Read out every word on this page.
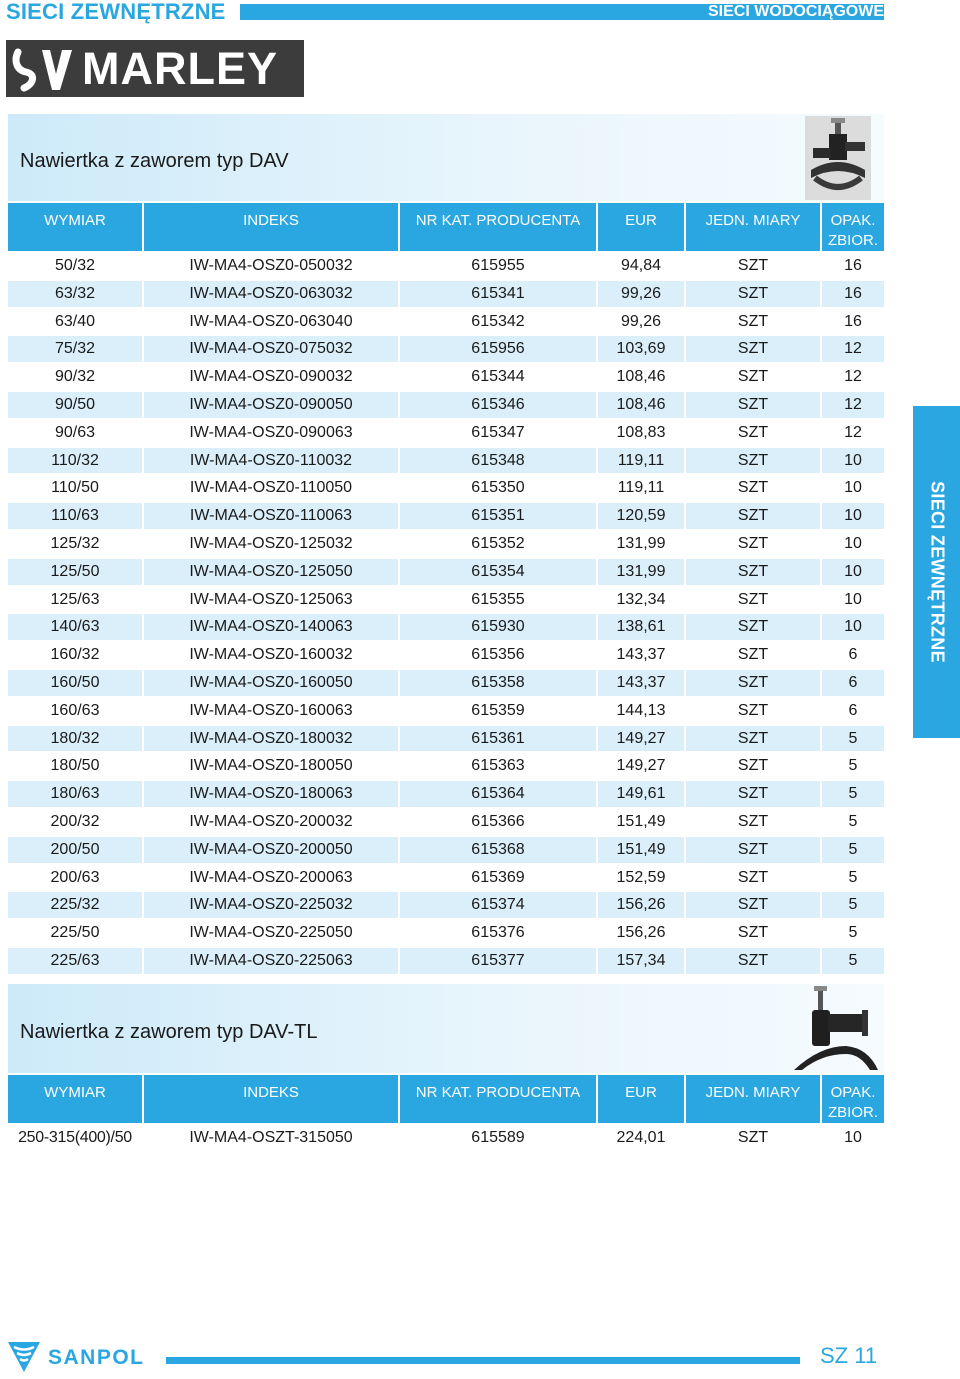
SIECI ZEWNĘTRZNE	SIECI WODOCIĄGOWE
MARLEY
Nawiertka z zaworem typ DAV
WYMIAR	INDEKS	NR KAT. PRODUCENTA	EUR	JEDN. MIARY	OPAK. ZBIOR.
50/32	IW-MA4-OSZ0-050032	615955	94,84	SZT	16
63/32	IW-MA4-OSZ0-063032	615341	99,26	SZT	16
63/40	IW-MA4-OSZ0-063040	615342	99,26	SZT	16
75/32	IW-MA4-OSZ0-075032	615956	103,69	SZT	12
90/32	IW-MA4-OSZ0-090032	615344	108,46	SZT	12
90/50	IW-MA4-OSZ0-090050	615346	108,46	SZT	12
90/63	IW-MA4-OSZ0-090063	615347	108,83	SZT	12
110/32	IW-MA4-OSZ0-110032	615348	119,11	SZT	10
110/50	IW-MA4-OSZ0-110050	615350	119,11	SZT	10
110/63	IW-MA4-OSZ0-110063	615351	120,59	SZT	10
125/32	IW-MA4-OSZ0-125032	615352	131,99	SZT	10
125/50	IW-MA4-OSZ0-125050	615354	131,99	SZT	10
125/63	IW-MA4-OSZ0-125063	615355	132,34	SZT	10
140/63	IW-MA4-OSZ0-140063	615930	138,61	SZT	10
160/32	IW-MA4-OSZ0-160032	615356	143,37	SZT	6
160/50	IW-MA4-OSZ0-160050	615358	143,37	SZT	6
160/63	IW-MA4-OSZ0-160063	615359	144,13	SZT	6
180/32	IW-MA4-OSZ0-180032	615361	149,27	SZT	5
180/50	IW-MA4-OSZ0-180050	615363	149,27	SZT	5
180/63	IW-MA4-OSZ0-180063	615364	149,61	SZT	5
200/32	IW-MA4-OSZ0-200032	615366	151,49	SZT	5
200/50	IW-MA4-OSZ0-200050	615368	151,49	SZT	5
200/63	IW-MA4-OSZ0-200063	615369	152,59	SZT	5
225/32	IW-MA4-OSZ0-225032	615374	156,26	SZT	5
225/50	IW-MA4-OSZ0-225050	615376	156,26	SZT	5
225/63	IW-MA4-OSZ0-225063	615377	157,34	SZT	5
Nawiertka z zaworem typ DAV-TL
WYMIAR	INDEKS	NR KAT. PRODUCENTA	EUR	JEDN. MIARY	OPAK. ZBIOR.
250-315(400)/50	IW-MA4-OSZT-315050	615589	224,01	SZT	10
SIECI ZEWNĘTRZNE
SANPOL	SZ 11
